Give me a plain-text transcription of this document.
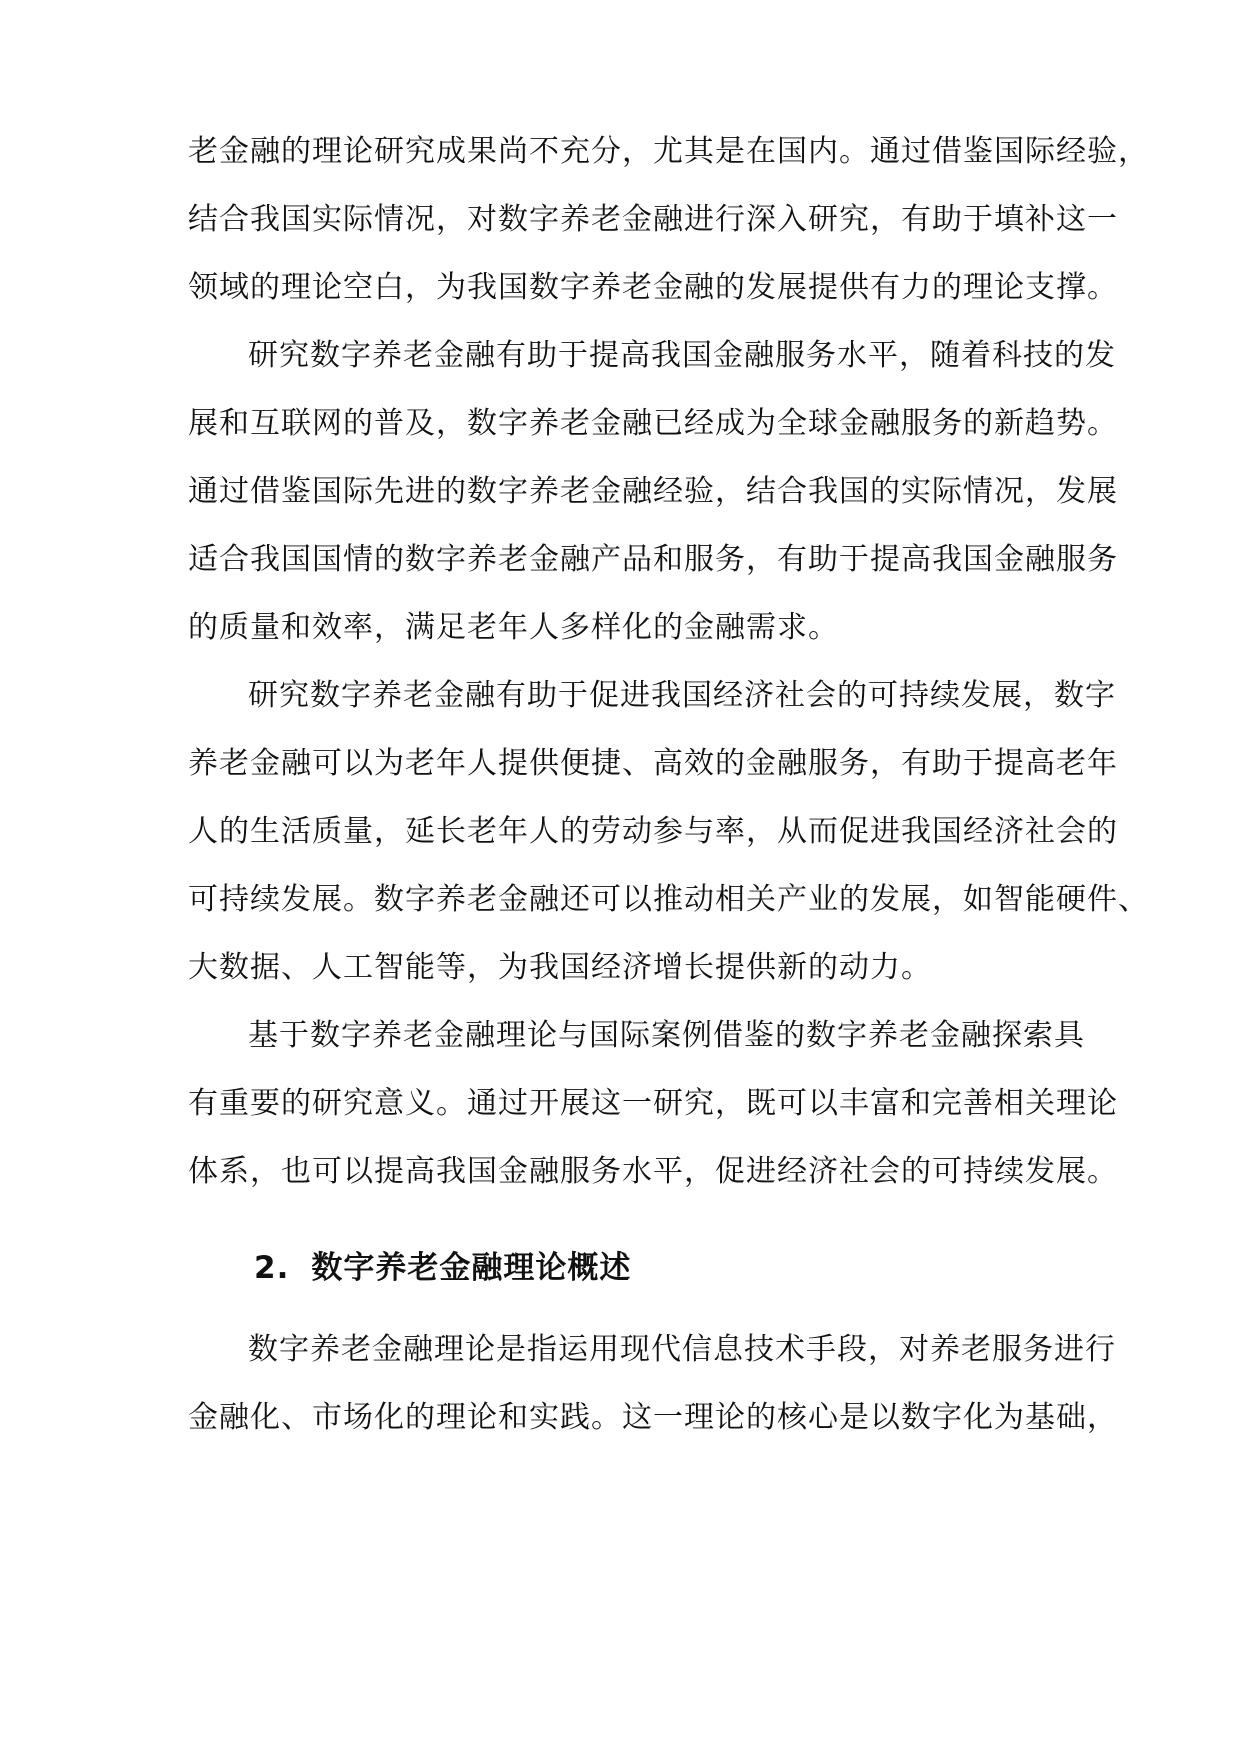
老金融的理论研究成果尚不充分，尤其是在国内。通过借鉴国际经验，
结合我国实际情况，对数字养老金融进行深入研究，有助于填补这一
领域的理论空白，为我国数字养老金融的发展提供有力的理论支撑。
研究数字养老金融有助于提高我国金融服务水平，随着科技的发
展和互联网的普及，数字养老金融已经成为全球金融服务的新趋势。
通过借鉴国际先进的数字养老金融经验，结合我国的实际情况，发展
适合我国国情的数字养老金融产品和服务，有助于提高我国金融服务
的质量和效率，满足老年人多样化的金融需求。
研究数字养老金融有助于促进我国经济社会的可持续发展，数字
养老金融可以为老年人提供便捷、高效的金融服务，有助于提高老年
人的生活质量，延长老年人的劳动参与率，从而促进我国经济社会的
可持续发展。数字养老金融还可以推动相关产业的发展，如智能硬件、
大数据、人工智能等，为我国经济增长提供新的动力。
基于数字养老金融理论与国际案例借鉴的数字养老金融探索具
有重要的研究意义。通过开展这一研究，既可以丰富和完善相关理论
体系，也可以提高我国金融服务水平，促进经济社会的可持续发展。
2. 数字养老金融理论概述
数字养老金融理论是指运用现代信息技术手段，对养老服务进行
金融化、市场化的理论和实践。这一理论的核心是以数字化为基础，
